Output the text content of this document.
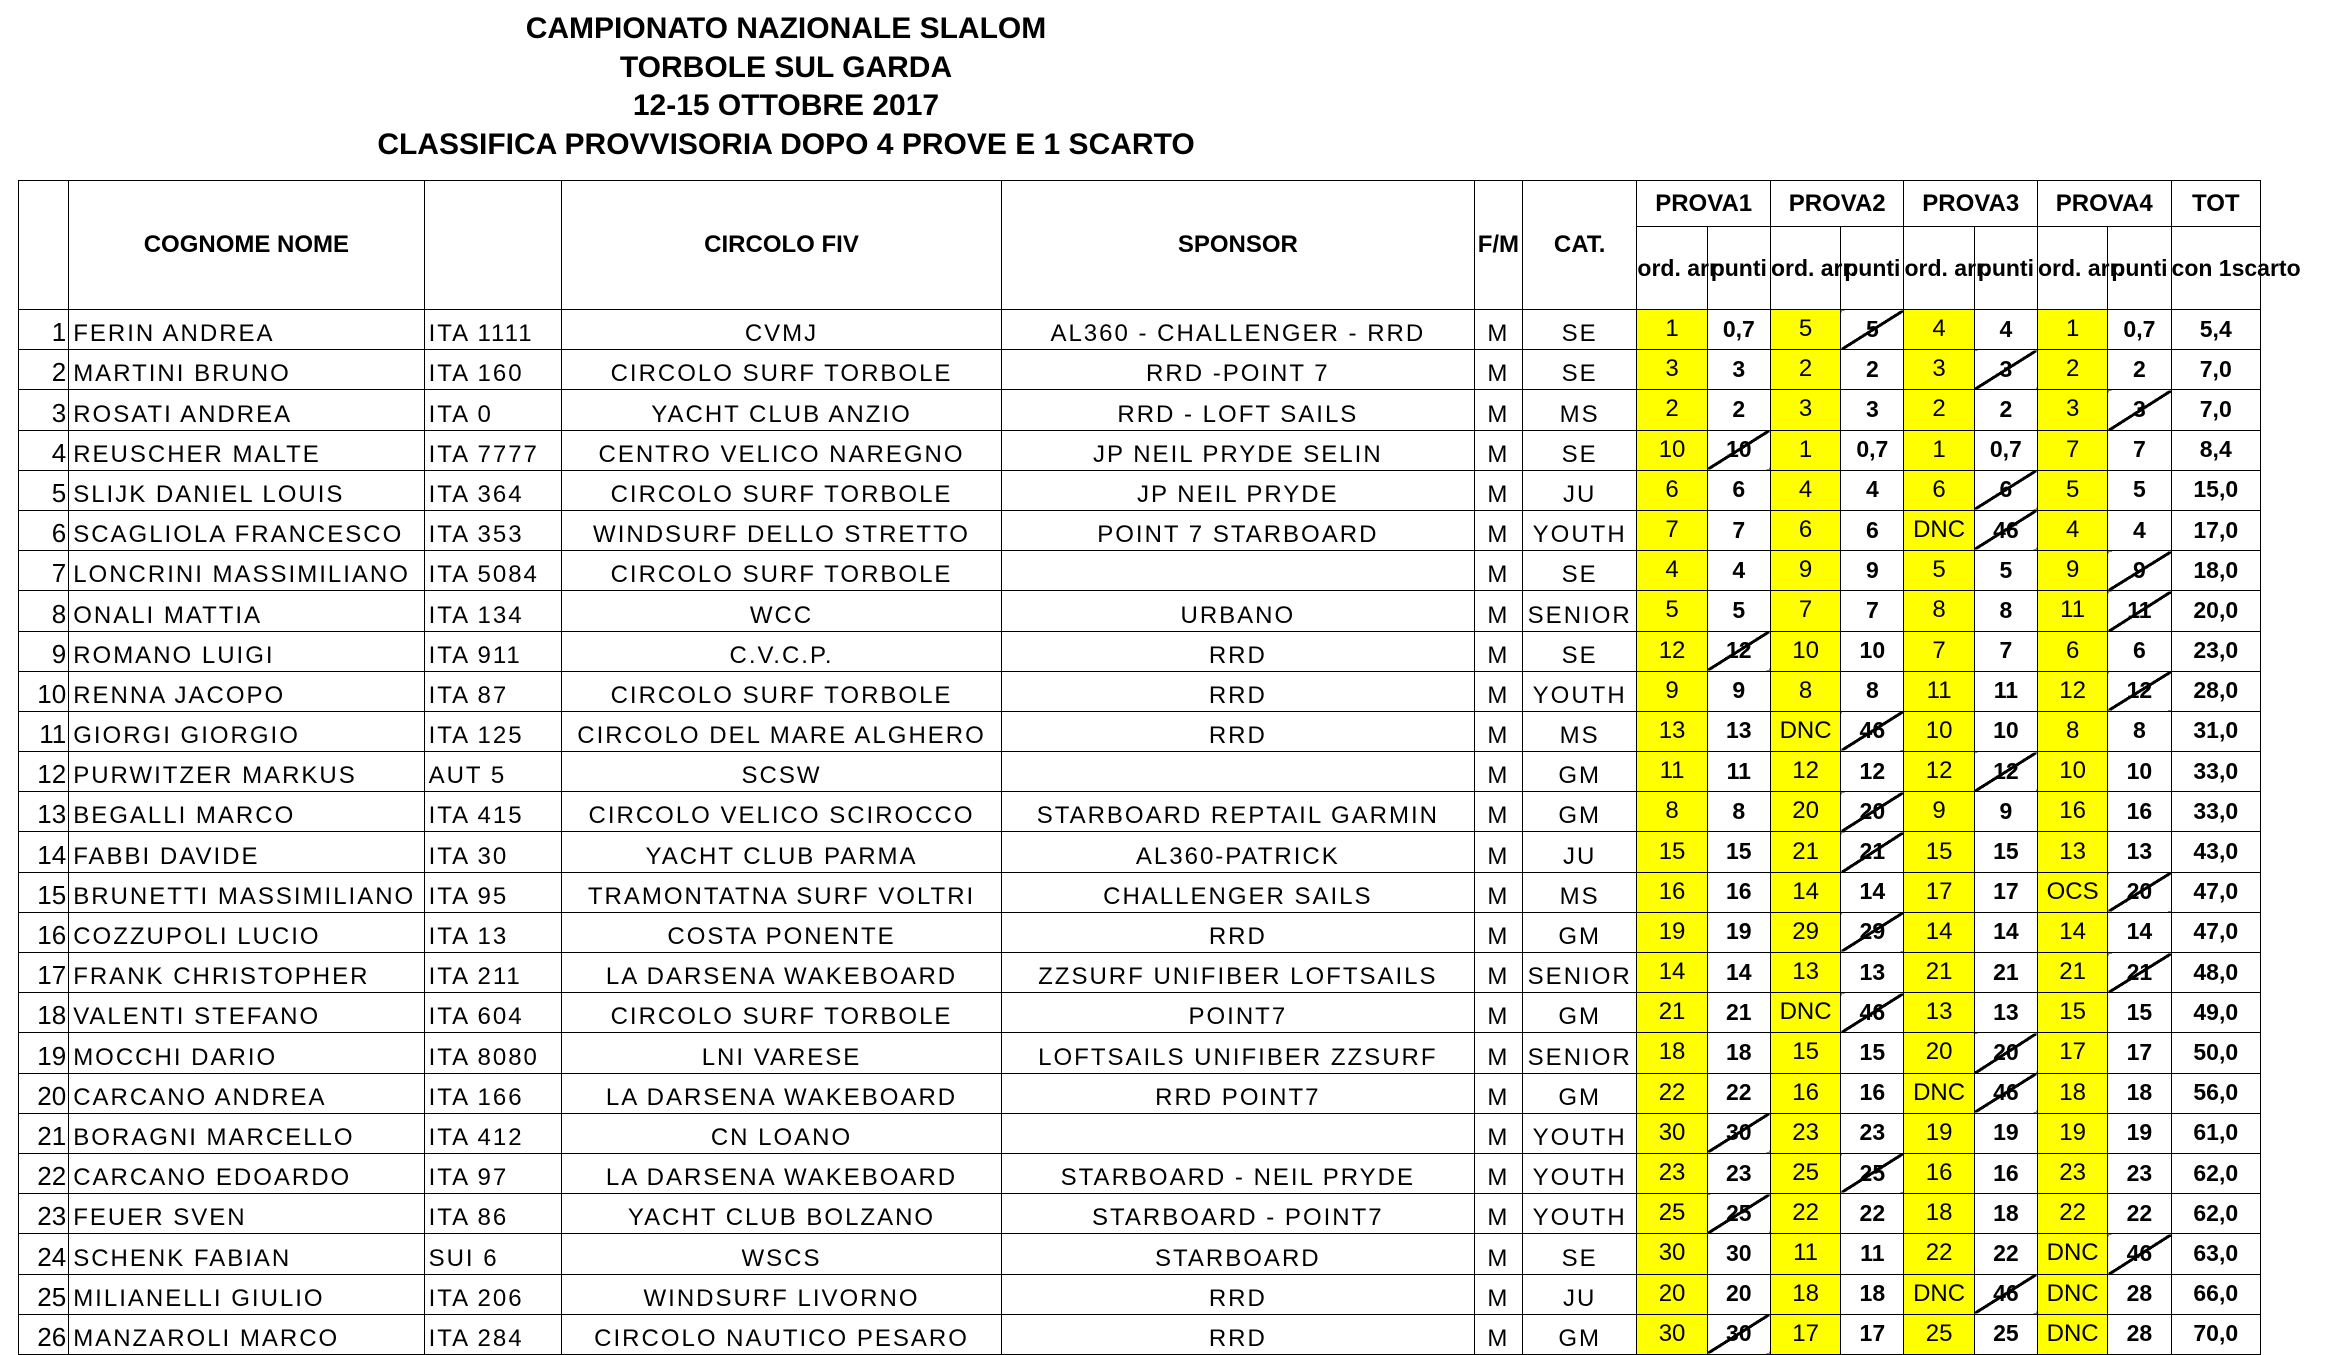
CAMPIONATO NAZIONALE SLALOM
TORBOLE SUL GARDA
12-15 OTTOBRE 2017
CLASSIFICA PROVVISORIA DOPO 4 PROVE E 1 SCARTO
	COGNOME NOME		CIRCOLO FIV	SPONSOR	F/M	CAT.	PROVA1		PROVA2		PROVA3		PROVA4		TOT
							ord. arr	punti	ord. arr.	punti	ord. arr.	punti	ord. arr.	punti	con 1scarto
1	FERIN ANDREA	ITA 1111	CVMJ	AL360 - CHALLENGER - RRD	M	SE	1	0,7	5	5	4	4	1	0,7	5,4
2	MARTINI BRUNO	ITA 160	CIRCOLO SURF TORBOLE	RRD -POINT 7	M	SE	3	3	2	2	3	3	2	2	7,0
3	ROSATI ANDREA	ITA 0	YACHT CLUB ANZIO	RRD - LOFT SAILS	M	MS	2	2	3	3	2	2	3	3	7,0
4	REUSCHER MALTE	ITA 7777	CENTRO VELICO NAREGNO	JP NEIL PRYDE SELIN	M	SE	10	10	1	0,7	1	0,7	7	7	8,4
5	SLIJK DANIEL LOUIS	ITA 364	CIRCOLO SURF TORBOLE	JP NEIL PRYDE	M	JU	6	6	4	4	6	6	5	5	15,0
6	SCAGLIOLA FRANCESCO	ITA 353	WINDSURF DELLO STRETTO	POINT 7 STARBOARD	M	YOUTH	7	7	6	6	DNC	46	4	4	17,0
7	LONCRINI MASSIMILIANO	ITA 5084	CIRCOLO SURF TORBOLE		M	SE	4	4	9	9	5	5	9	9	18,0
8	ONALI MATTIA	ITA 134	WCC	URBANO	M	SENIOR	5	5	7	7	8	8	11	11	20,0
9	ROMANO LUIGI	ITA 911	C.V.C.P.	RRD	M	SE	12	12	10	10	7	7	6	6	23,0
10	RENNA JACOPO	ITA 87	CIRCOLO SURF TORBOLE	RRD	M	YOUTH	9	9	8	8	11	11	12	12	28,0
11	GIORGI GIORGIO	ITA 125	CIRCOLO DEL MARE ALGHERO	RRD	M	MS	13	13	DNC	46	10	10	8	8	31,0
12	PURWITZER MARKUS	AUT 5	SCSW		M	GM	11	11	12	12	12	12	10	10	33,0
13	BEGALLI MARCO	ITA 415	CIRCOLO VELICO SCIROCCO	STARBOARD REPTAIL GARMIN	M	GM	8	8	20	20	9	9	16	16	33,0
14	FABBI DAVIDE	ITA 30	YACHT CLUB PARMA	AL360-PATRICK	M	JU	15	15	21	21	15	15	13	13	43,0
15	BRUNETTI MASSIMILIANO	ITA 95	TRAMONTATNA SURF VOLTRI	CHALLENGER SAILS	M	MS	16	16	14	14	17	17	OCS	20	47,0
16	COZZUPOLI LUCIO	ITA 13	COSTA PONENTE	RRD	M	GM	19	19	29	29	14	14	14	14	47,0
17	FRANK CHRISTOPHER	ITA 211	LA DARSENA WAKEBOARD	ZZSURF UNIFIBER LOFTSAILS	M	SENIOR	14	14	13	13	21	21	21	21	48,0
18	VALENTI STEFANO	ITA 604	CIRCOLO SURF TORBOLE	POINT7	M	GM	21	21	DNC	46	13	13	15	15	49,0
19	MOCCHI DARIO	ITA 8080	LNI VARESE	LOFTSAILS UNIFIBER ZZSURF	M	SENIOR	18	18	15	15	20	20	17	17	50,0
20	CARCANO ANDREA	ITA 166	LA DARSENA WAKEBOARD	RRD POINT7	M	GM	22	22	16	16	DNC	46	18	18	56,0
21	BORAGNI MARCELLO	ITA 412	CN LOANO		M	YOUTH	30	30	23	23	19	19	19	19	61,0
22	CARCANO EDOARDO	ITA 97	LA DARSENA WAKEBOARD	STARBOARD - NEIL PRYDE	M	YOUTH	23	23	25	25	16	16	23	23	62,0
23	FEUER SVEN	ITA 86	YACHT CLUB BOLZANO	STARBOARD - POINT7	M	YOUTH	25	25	22	22	18	18	22	22	62,0
24	SCHENK FABIAN	SUI 6	WSCS	STARBOARD	M	SE	30	30	11	11	22	22	DNC	46	63,0
25	MILIANELLI GIULIO	ITA 206	WINDSURF LIVORNO	RRD	M	JU	20	20	18	18	DNC	46	DNC	28	66,0
26	MANZAROLI MARCO	ITA 284	CIRCOLO NAUTICO PESARO	RRD	M	GM	30	30	17	17	25	25	DNC	28	70,0
